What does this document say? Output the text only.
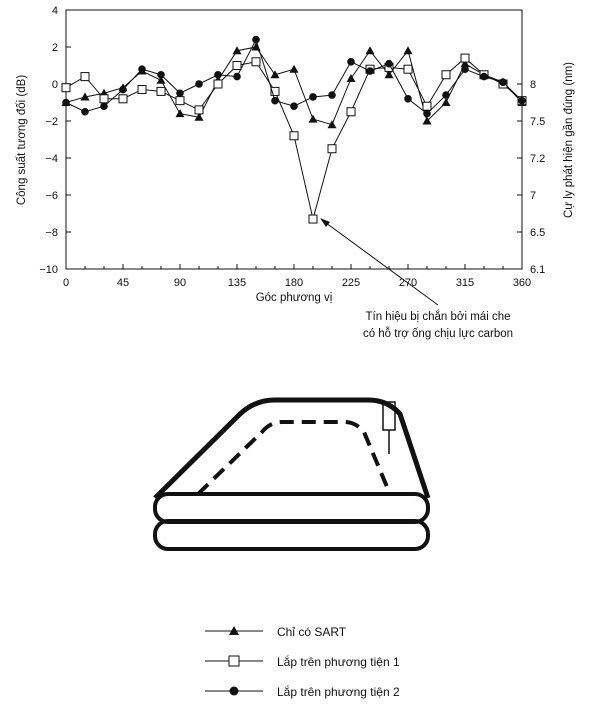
Góc phương vị
Công suất tương đối (dB)	Cự ly phát hiện gần đúng (nm)
Tín hiệu bị chắn bởi mái che
có hỗ trợ ống chịu lực carbon
0	45	90	135	180	225	270	315	360
4
2
0
−2
−4
−6
−8
−10
8
7.5
7.2
7
6.5
6.1
Chỉ có SART
Lắp trên phương tiện 1
Lắp trên phương tiện 2
